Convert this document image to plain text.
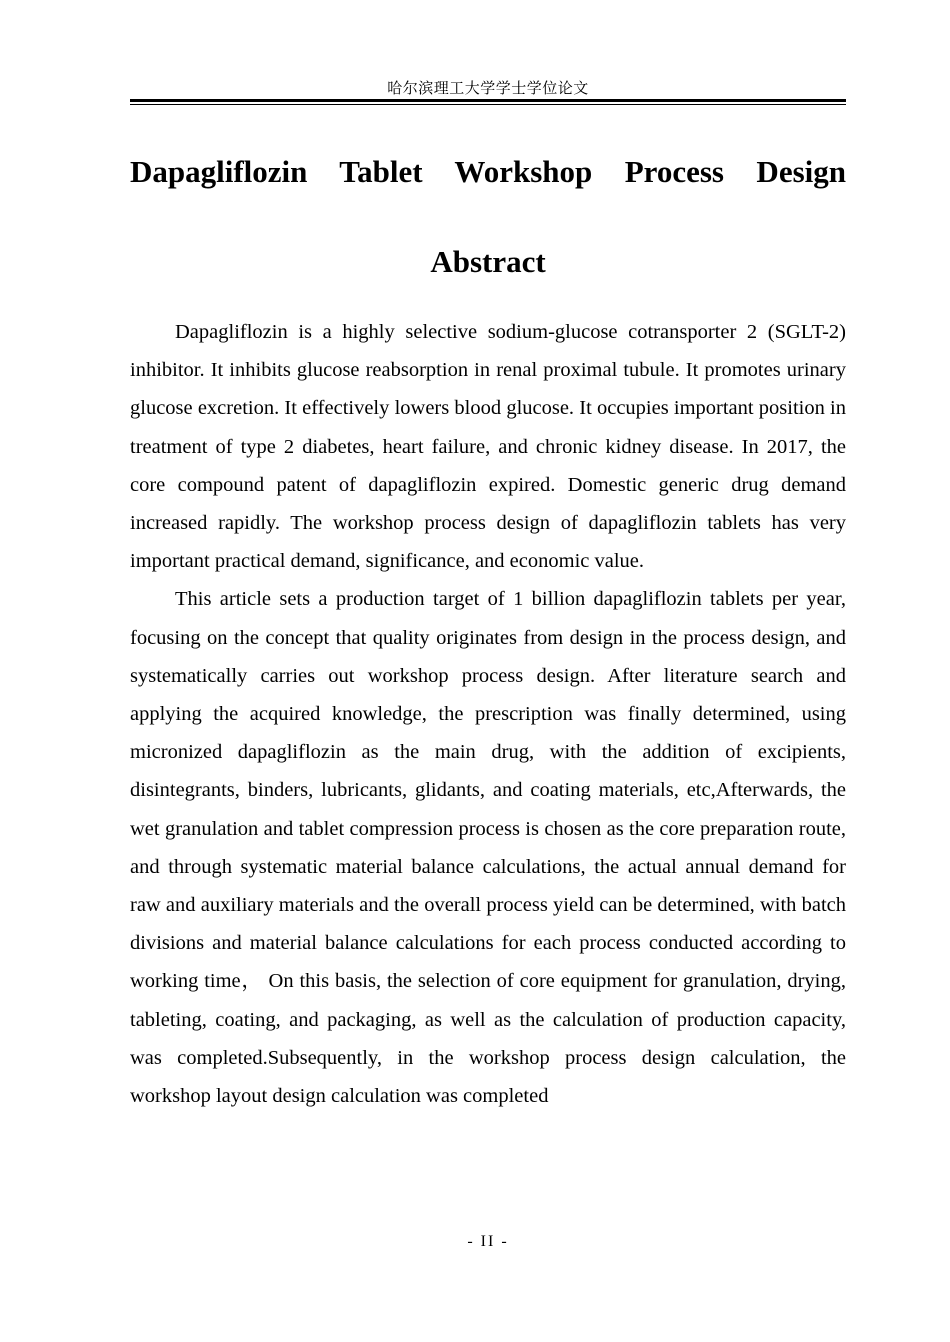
哈尔滨理工大学学士学位论文
Dapagliflozin Tablet Workshop Process Design
Abstract

Dapagliflozin is a highly selective sodium-glucose cotransporter 2 (SGLT-2) inhibitor. It inhibits glucose reabsorption in renal proximal tubule. It promotes urinary glucose excretion. It effectively lowers blood glucose. It occupies important position in treatment of type 2 diabetes, heart failure, and chronic kidney disease. In 2017, the core compound patent of dapagliflozin expired. Domestic generic drug demand increased rapidly. The workshop process design of dapagliflozin tablets has very important practical demand, significance, and economic value.

This article sets a production target of 1 billion dapagliflozin tablets per year, focusing on the concept that quality originates from design in the process design, and systematically carries out workshop process design. After literature search and applying the acquired knowledge, the prescription was finally determined, using micronized dapagliflozin as the main drug, with the addition of excipients, disintegrants, binders, lubricants, glidants, and coating materials, etc,Afterwards, the wet granulation and tablet compression process is chosen as the core preparation route, and through systematic material balance calculations, the actual annual demand for raw and auxiliary materials and the overall process yield can be determined, with batch divisions and material balance calculations for each process conducted according to working time， On this basis, the selection of core equipment for granulation, drying, tableting, coating, and packaging, as well as the calculation of production capacity, was completed.Subsequently, in the workshop process design calculation, the workshop layout design calculation was completed

- II -
